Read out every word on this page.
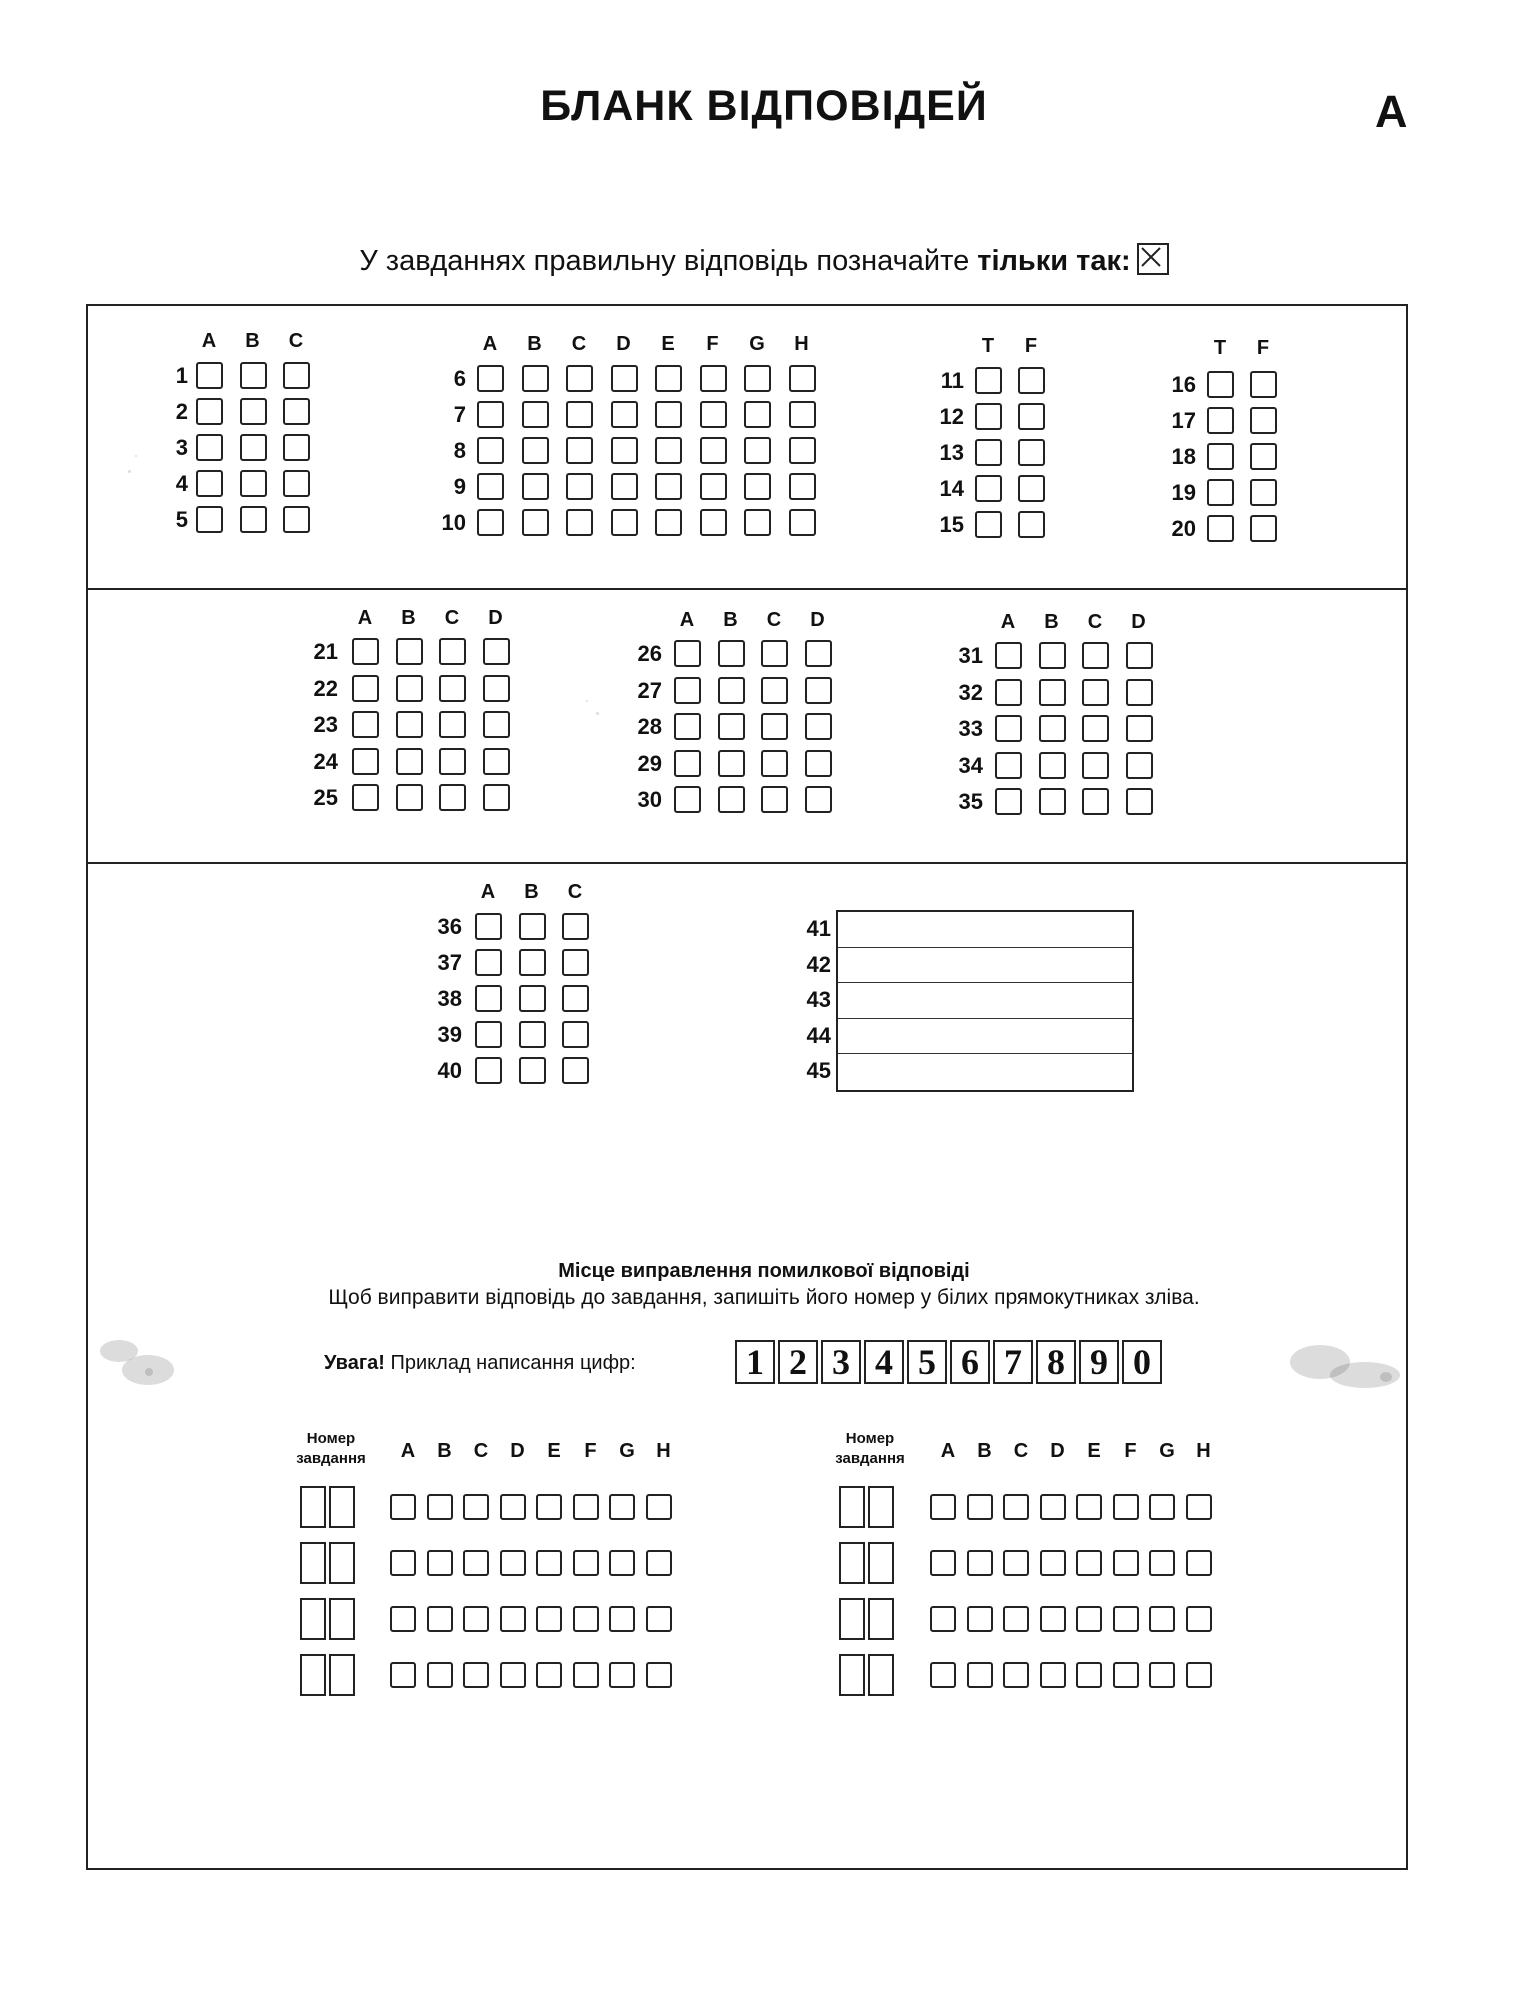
БЛАНК ВІДПОВІДЕЙ	A
У завданнях правильну відповідь позначайте тільки так:
A	B	C
1
2
3
4
5
A	B	C	D	E	F	G	H
6
7
8
9
10
T	F
11
12
13
14
15
T	F
16
17
18
19
20
A	B	C	D
21
22
23
24
25
A	B	C	D
26
27
28
29
30
A	B	C	D
31
32
33
34
35
A	B	C
36
37
38
39
40
41
42
43
44
45
Місце виправлення помилкової відповіді
Щоб виправити відповідь до завдання, запишіть його номер у білих прямокутниках зліва.
Увага! Приклад написання цифр:	1 2 3 4 5 6 7 8 9 0
Номер
завдання	A	B	C	D	E	F	G	H
Номер
завдання	A	B	C	D	E	F	G	H
